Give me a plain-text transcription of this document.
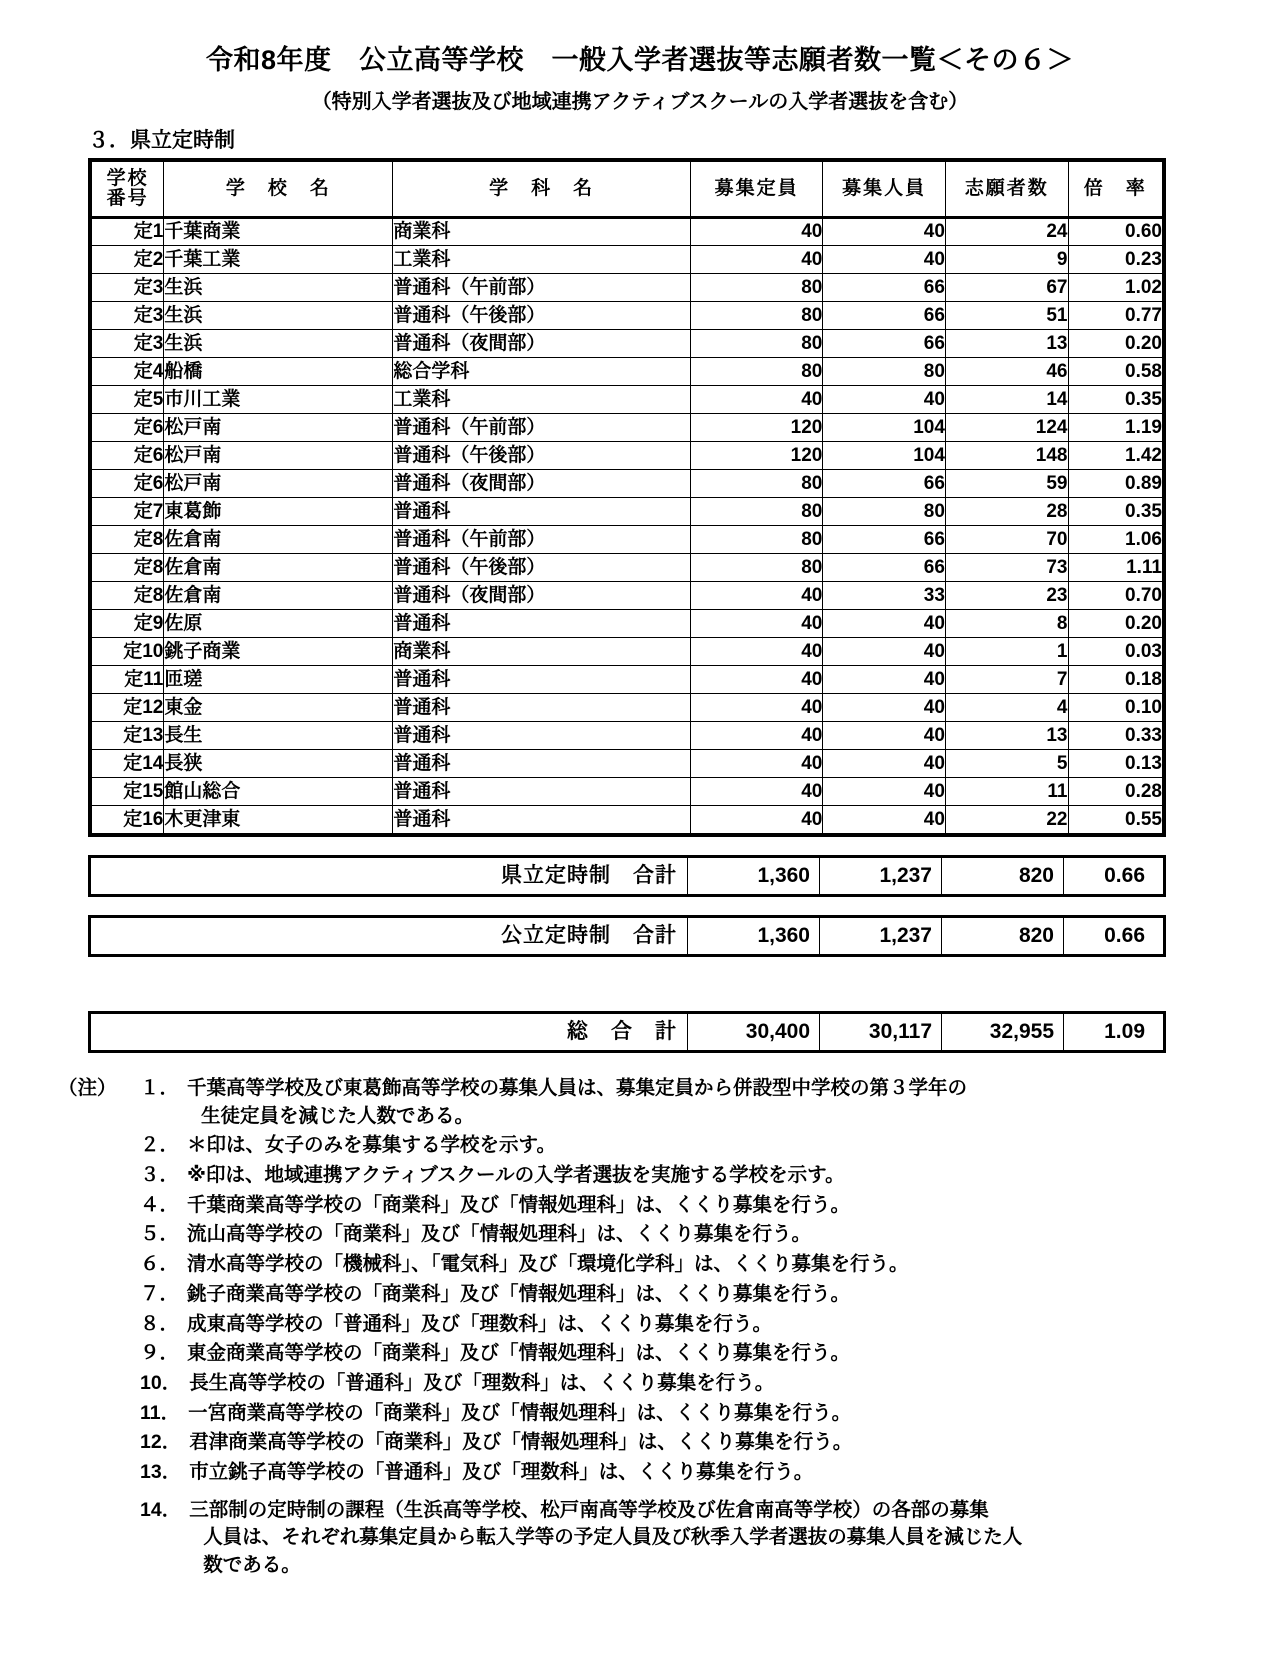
令和8年度　公立高等学校　一般入学者選抜等志願者数一覧＜その６＞
（特別入学者選抜及び地域連携アクティブスクールの入学者選抜を含む）
３．県立定時制
学校
番号	学　校　名	学　科　名	募集定員	募集人員	志願者数	倍　率
定1	千葉商業	商業科	40	40	24	0.60
定2	千葉工業	工業科	40	40	9	0.23
定3	生浜	普通科（午前部）	80	66	67	1.02
定3	生浜	普通科（午後部）	80	66	51	0.77
定3	生浜	普通科（夜間部）	80	66	13	0.20
定4	船橋	総合学科	80	80	46	0.58
定5	市川工業	工業科	40	40	14	0.35
定6	松戸南	普通科（午前部）	120	104	124	1.19
定6	松戸南	普通科（午後部）	120	104	148	1.42
定6	松戸南	普通科（夜間部）	80	66	59	0.89
定7	東葛飾	普通科	80	80	28	0.35
定8	佐倉南	普通科（午前部）	80	66	70	1.06
定8	佐倉南	普通科（午後部）	80	66	73	1.11
定8	佐倉南	普通科（夜間部）	40	33	23	0.70
定9	佐原	普通科	40	40	8	0.20
定10	銚子商業	商業科	40	40	1	0.03
定11	匝瑳	普通科	40	40	7	0.18
定12	東金	普通科	40	40	4	0.10
定13	長生	普通科	40	40	13	0.33
定14	長狭	普通科	40	40	5	0.13
定15	館山総合	普通科	40	40	11	0.28
定16	木更津東	普通科	40	40	22	0.55
県立定時制　合計	1,360	1,237	820	0.66
公立定時制　合計	1,360	1,237	820	0.66
総　合　計	30,400	30,117	32,955	1.09
（注） １． 千葉高等学校及び東葛飾高等学校の募集人員は、募集定員から併設型中学校の第３学年の
生徒定員を減じた人数である。
２． ＊印は、女子のみを募集する学校を示す。
３． ※印は、地域連携アクティブスクールの入学者選抜を実施する学校を示す。
４． 千葉商業高等学校の「商業科」及び「情報処理科」は、くくり募集を行う。
５． 流山高等学校の「商業科」及び「情報処理科」は、くくり募集を行う。
６． 清水高等学校の「機械科」、「電気科」及び「環境化学科」は、くくり募集を行う。
７． 銚子商業高等学校の「商業科」及び「情報処理科」は、くくり募集を行う。
８． 成東高等学校の「普通科」及び「理数科」は、くくり募集を行う。
９． 東金商業高等学校の「商業科」及び「情報処理科」は、くくり募集を行う。
10． 長生高等学校の「普通科」及び「理数科」は、くくり募集を行う。
11． 一宮商業高等学校の「商業科」及び「情報処理科」は、くくり募集を行う。
12． 君津商業高等学校の「商業科」及び「情報処理科」は、くくり募集を行う。
13． 市立銚子高等学校の「普通科」及び「理数科」は、くくり募集を行う。
14． 三部制の定時制の課程（生浜高等学校、松戸南高等学校及び佐倉南高等学校）の各部の募集
人員は、それぞれ募集定員から転入学等の予定人員及び秋季入学者選抜の募集人員を減じた人
数である。
